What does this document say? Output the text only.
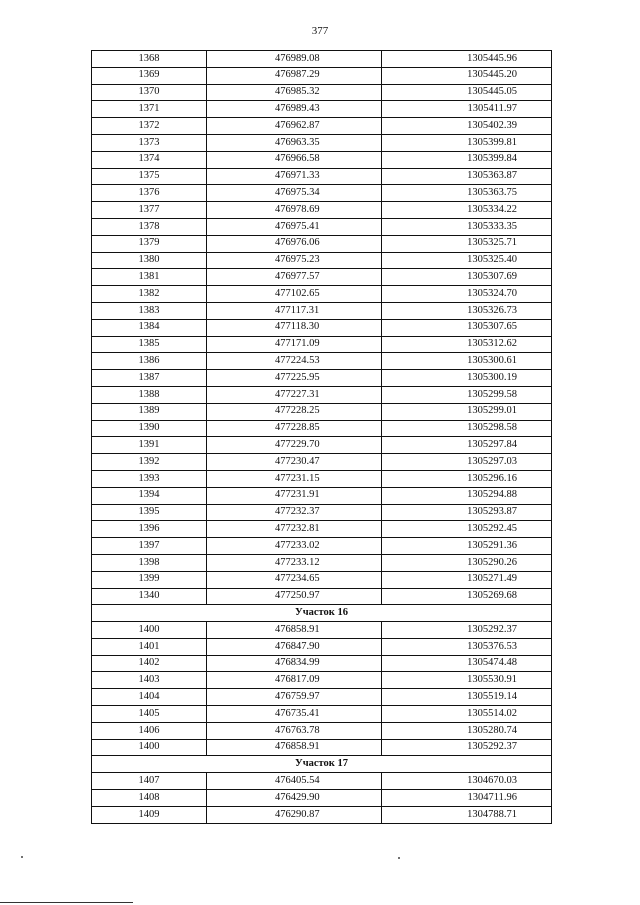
377
1368	476989.08	1305445.96
1369	476987.29	1305445.20
1370	476985.32	1305445.05
1371	476989.43	1305411.97
1372	476962.87	1305402.39
1373	476963.35	1305399.81
1374	476966.58	1305399.84
1375	476971.33	1305363.87
1376	476975.34	1305363.75
1377	476978.69	1305334.22
1378	476975.41	1305333.35
1379	476976.06	1305325.71
1380	476975.23	1305325.40
1381	476977.57	1305307.69
1382	477102.65	1305324.70
1383	477117.31	1305326.73
1384	477118.30	1305307.65
1385	477171.09	1305312.62
1386	477224.53	1305300.61
1387	477225.95	1305300.19
1388	477227.31	1305299.58
1389	477228.25	1305299.01
1390	477228.85	1305298.58
1391	477229.70	1305297.84
1392	477230.47	1305297.03
1393	477231.15	1305296.16
1394	477231.91	1305294.88
1395	477232.37	1305293.87
1396	477232.81	1305292.45
1397	477233.02	1305291.36
1398	477233.12	1305290.26
1399	477234.65	1305271.49
1340	477250.97	1305269.68
Участок 16		
1400	476858.91	1305292.37
1401	476847.90	1305376.53
1402	476834.99	1305474.48
1403	476817.09	1305530.91
1404	476759.97	1305519.14
1405	476735.41	1305514.02
1406	476763.78	1305280.74
1400	476858.91	1305292.37
Участок 17		
1407	476405.54	1304670.03
1408	476429.90	1304711.96
1409	476290.87	1304788.71
